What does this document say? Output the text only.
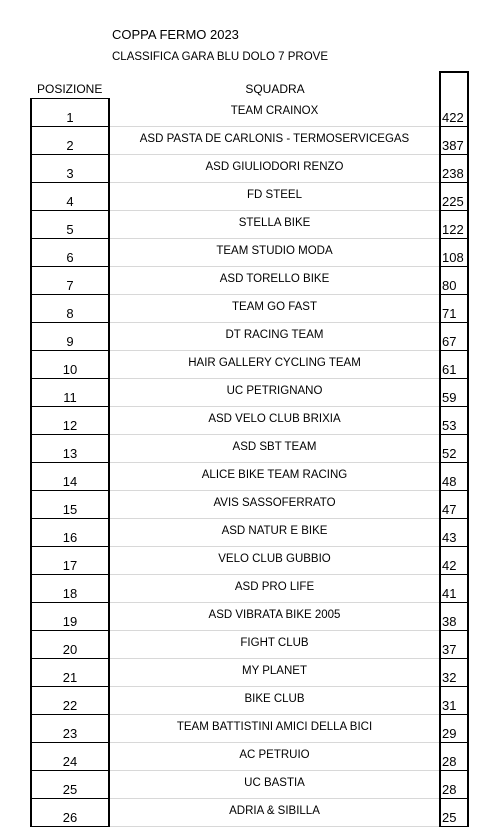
COPPA FERMO 2023
CLASSIFICA GARA BLU DOLO 7 PROVE
POSIZIONE	SQUADRA
1	TEAM CRAINOX	422
2	ASD PASTA DE CARLONIS - TERMOSERVICEGAS	387
3	ASD GIULIODORI RENZO	238
4	FD STEEL	225
5	STELLA BIKE	122
6	TEAM STUDIO MODA	108
7	ASD TORELLO BIKE	80
8	TEAM GO FAST	71
9	DT RACING TEAM	67
10	HAIR GALLERY CYCLING TEAM	61
11	UC PETRIGNANO	59
12	ASD VELO CLUB BRIXIA	53
13	ASD SBT TEAM	52
14	ALICE BIKE TEAM RACING	48
15	AVIS SASSOFERRATO	47
16	ASD NATUR E BIKE	43
17	VELO CLUB GUBBIO	42
18	ASD PRO LIFE	41
19	ASD VIBRATA BIKE 2005	38
20	FIGHT CLUB	37
21	MY PLANET	32
22	BIKE CLUB	31
23	TEAM BATTISTINI AMICI DELLA BICI	29
24	AC PETRUIO	28
25	UC BASTIA	28
26	ADRIA & SIBILLA	25
